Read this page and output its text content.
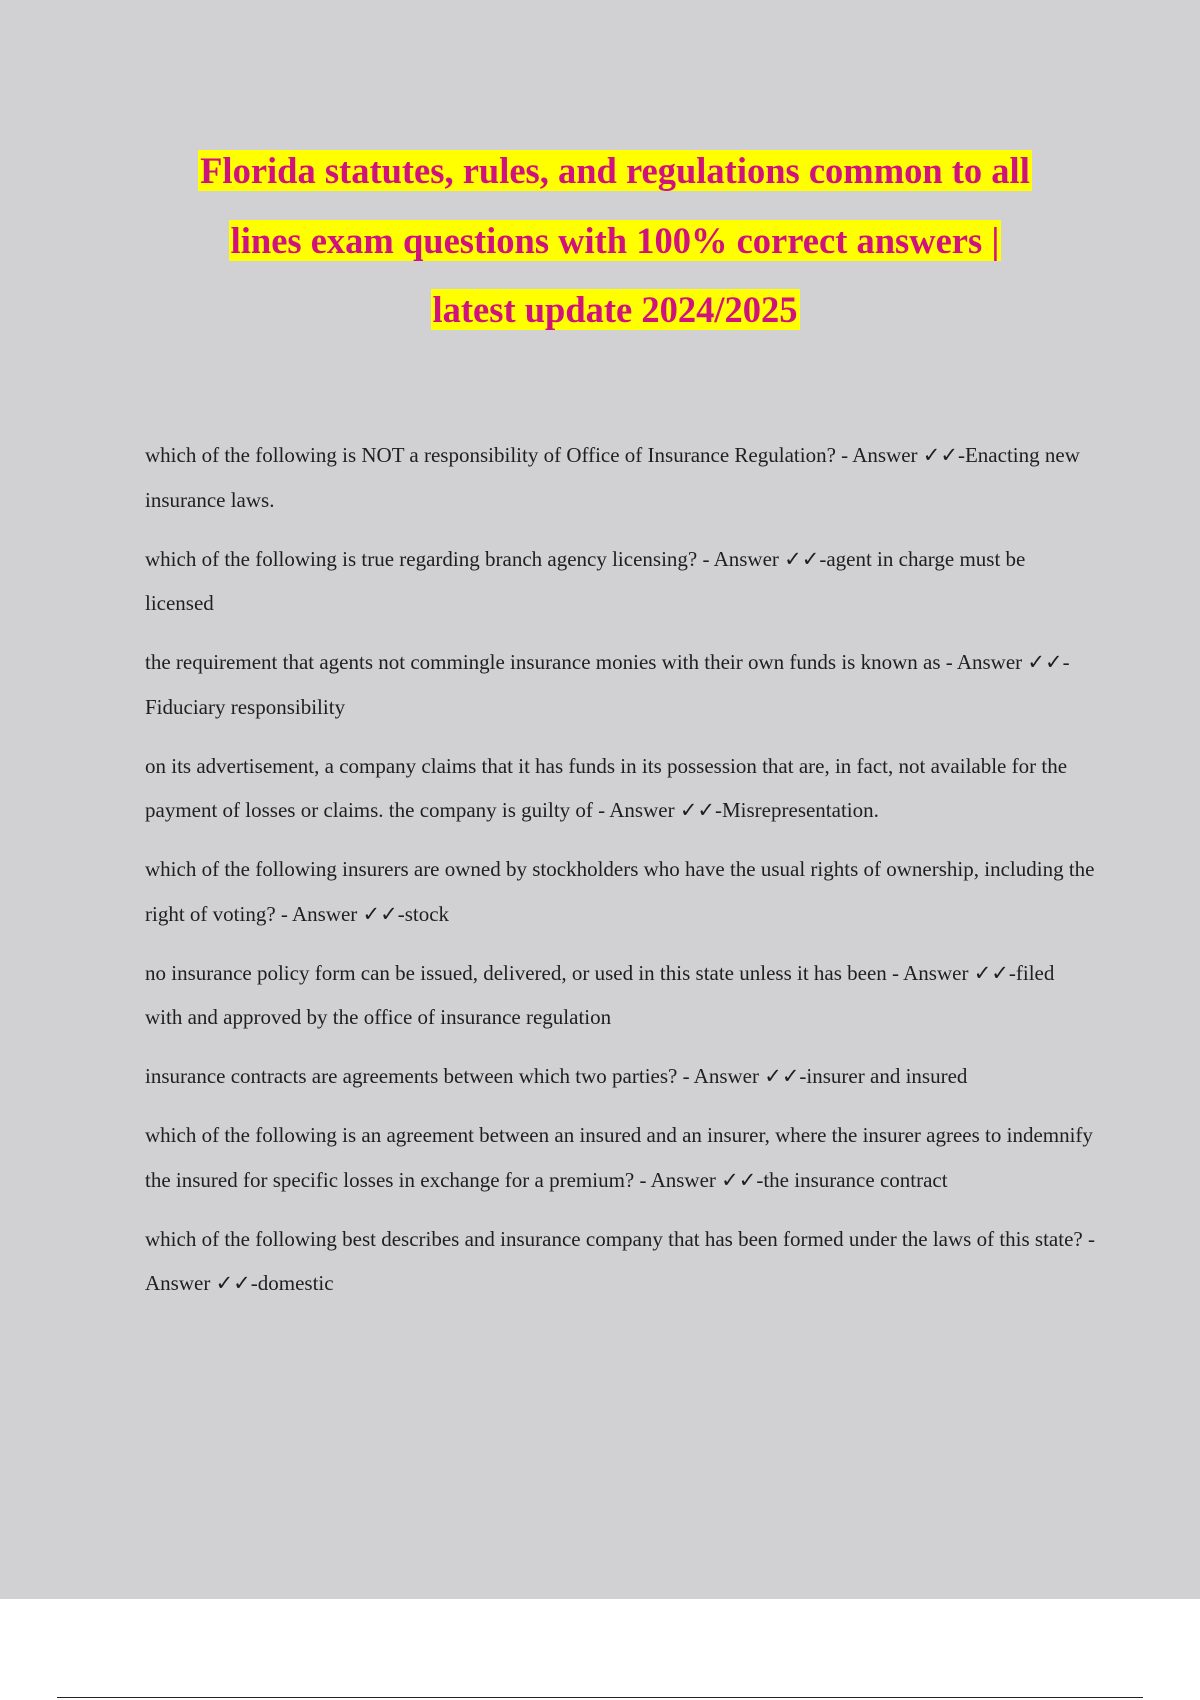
Florida statutes, rules, and regulations common to all
lines exam questions with 100% correct answers |
latest update 2024/2025

which of the following is NOT a responsibility of Office of Insurance Regulation? - Answer ✓✓-Enacting new insurance laws.

which of the following is true regarding branch agency licensing? - Answer ✓✓-agent in charge must be licensed

the requirement that agents not commingle insurance monies with their own funds is known as - Answer ✓✓-Fiduciary responsibility

on its advertisement, a company claims that it has funds in its possession that are, in fact, not available for the payment of losses or claims. the company is guilty of - Answer ✓✓-Misrepresentation.

which of the following insurers are owned by stockholders who have the usual rights of ownership, including the right of voting? - Answer ✓✓-stock

no insurance policy form can be issued, delivered, or used in this state unless it has been - Answer ✓✓-filed with and approved by the office of insurance regulation

insurance contracts are agreements between which two parties? - Answer ✓✓-insurer and insured

which of the following is an agreement between an insured and an insurer, where the insurer agrees to indemnify the insured for specific losses in exchange for a premium? - Answer ✓✓-the insurance contract

which of the following best describes and insurance company that has been formed under the laws of this state? - Answer ✓✓-domestic
